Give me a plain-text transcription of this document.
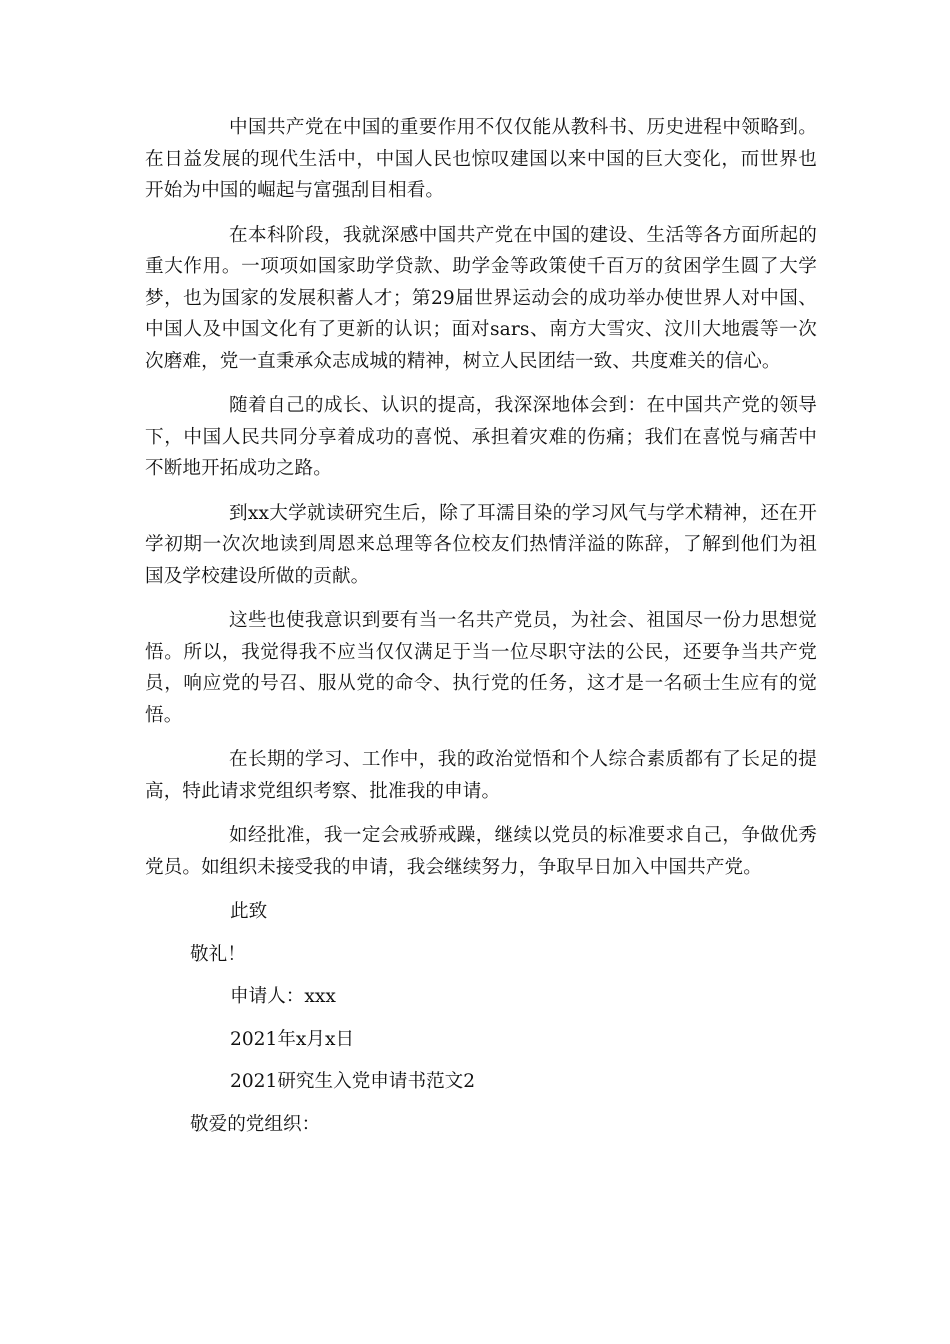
中国共产党在中国的重要作用不仅仅能从教科书、历史进程中领略到。在日益发展的现代生活中，中国人民也惊叹建国以来中国的巨大变化，而世界也开始为中国的崛起与富强刮目相看。

在本科阶段，我就深感中国共产党在中国的建设、生活等各方面所起的重大作用。一项项如国家助学贷款、助学金等政策使千百万的贫困学生圆了大学梦，也为国家的发展积蓄人才；第29届世界运动会的成功举办使世界人对中国、中国人及中国文化有了更新的认识；面对sars、南方大雪灾、汶川大地震等一次次磨难，党一直秉承众志成城的精神，树立人民团结一致、共度难关的信心。

随着自己的成长、认识的提高，我深深地体会到：在中国共产党的领导下，中国人民共同分享着成功的喜悦、承担着灾难的伤痛；我们在喜悦与痛苦中不断地开拓成功之路。

到xx大学就读研究生后，除了耳濡目染的学习风气与学术精神，还在开学初期一次次地读到周恩来总理等各位校友们热情洋溢的陈辞，了解到他们为祖国及学校建设所做的贡献。

这些也使我意识到要有当一名共产党员，为社会、祖国尽一份力思想觉悟。所以，我觉得我不应当仅仅满足于当一位尽职守法的公民，还要争当共产党员，响应党的号召、服从党的命令、执行党的任务，这才是一名硕士生应有的觉悟。

在长期的学习、工作中，我的政治觉悟和个人综合素质都有了长足的提高，特此请求党组织考察、批准我的申请。

如经批准，我一定会戒骄戒躁，继续以党员的标准要求自己，争做优秀党员。如组织未接受我的申请，我会继续努力，争取早日加入中国共产党。

此致

敬礼！

申请人：xxx

2021年x月x日

2021研究生入党申请书范文2

敬爱的党组织：
